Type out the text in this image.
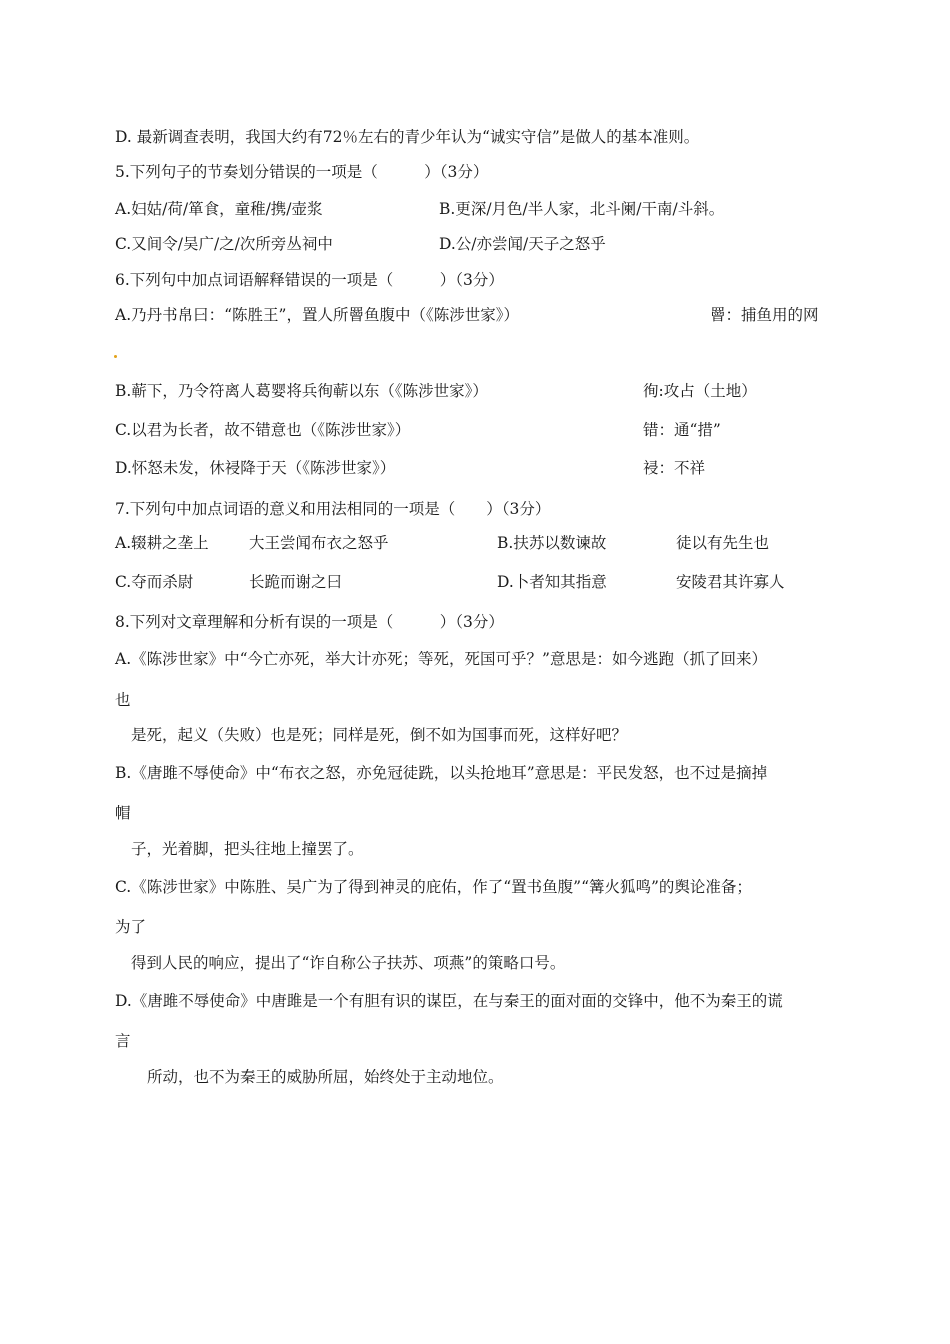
D. 最新调查表明，我国大约有72％左右的青少年认为“诚实守信”是做人的基本准则。
5.下列句子的节奏划分错误的一项是（　　　）（3分）
A.妇姑/荷/箪食，童稚/携/壶浆	B.更深/月色/半人家，北斗阑/干南/斗斜。
C.又间令/吴广/之/次所旁丛祠中	D.公/亦尝闻/天子之怒乎
6.下列句中加点词语解释错误的一项是（　　　）（3分）
A.乃丹书帛曰：“陈胜王”，置人所罾鱼腹中（《陈涉世家》）	罾：捕鱼用的网
B.蕲下，乃令符离人葛婴将兵徇蕲以东（《陈涉世家》）	徇:攻占（土地）
C.以君为长者，故不错意也（《陈涉世家》）	错：通“措”
D.怀怒未发，休祲降于天（《陈涉世家》）	祲：不祥
7.下列句中加点词语的意义和用法相同的一项是（　　）（3分）
A.辍耕之垄上	大王尝闻布衣之怒乎	B.扶苏以数谏故	徒以有先生也
C.夺而杀尉	长跪而谢之曰	D.卜者知其指意	安陵君其许寡人
8.下列对文章理解和分析有误的一项是（　　　）（3分）
A.《陈涉世家》中“今亡亦死，举大计亦死；等死，死国可乎？”意思是：如今逃跑（抓了回来）
也
是死，起义（失败）也是死；同样是死，倒不如为国事而死，这样好吧？
B.《唐雎不辱使命》中“布衣之怒，亦免冠徒跣，以头抢地耳”意思是：平民发怒，也不过是摘掉
帽
子，光着脚，把头往地上撞罢了。
C.《陈涉世家》中陈胜、吴广为了得到神灵的庇佑，作了“置书鱼腹”“篝火狐鸣”的舆论准备；
为了
得到人民的响应，提出了“诈自称公子扶苏、项燕”的策略口号。
D.《唐雎不辱使命》中唐雎是一个有胆有识的谋臣，在与秦王的面对面的交锋中，他不为秦王的谎
言
所动，也不为秦王的威胁所屈，始终处于主动地位。
